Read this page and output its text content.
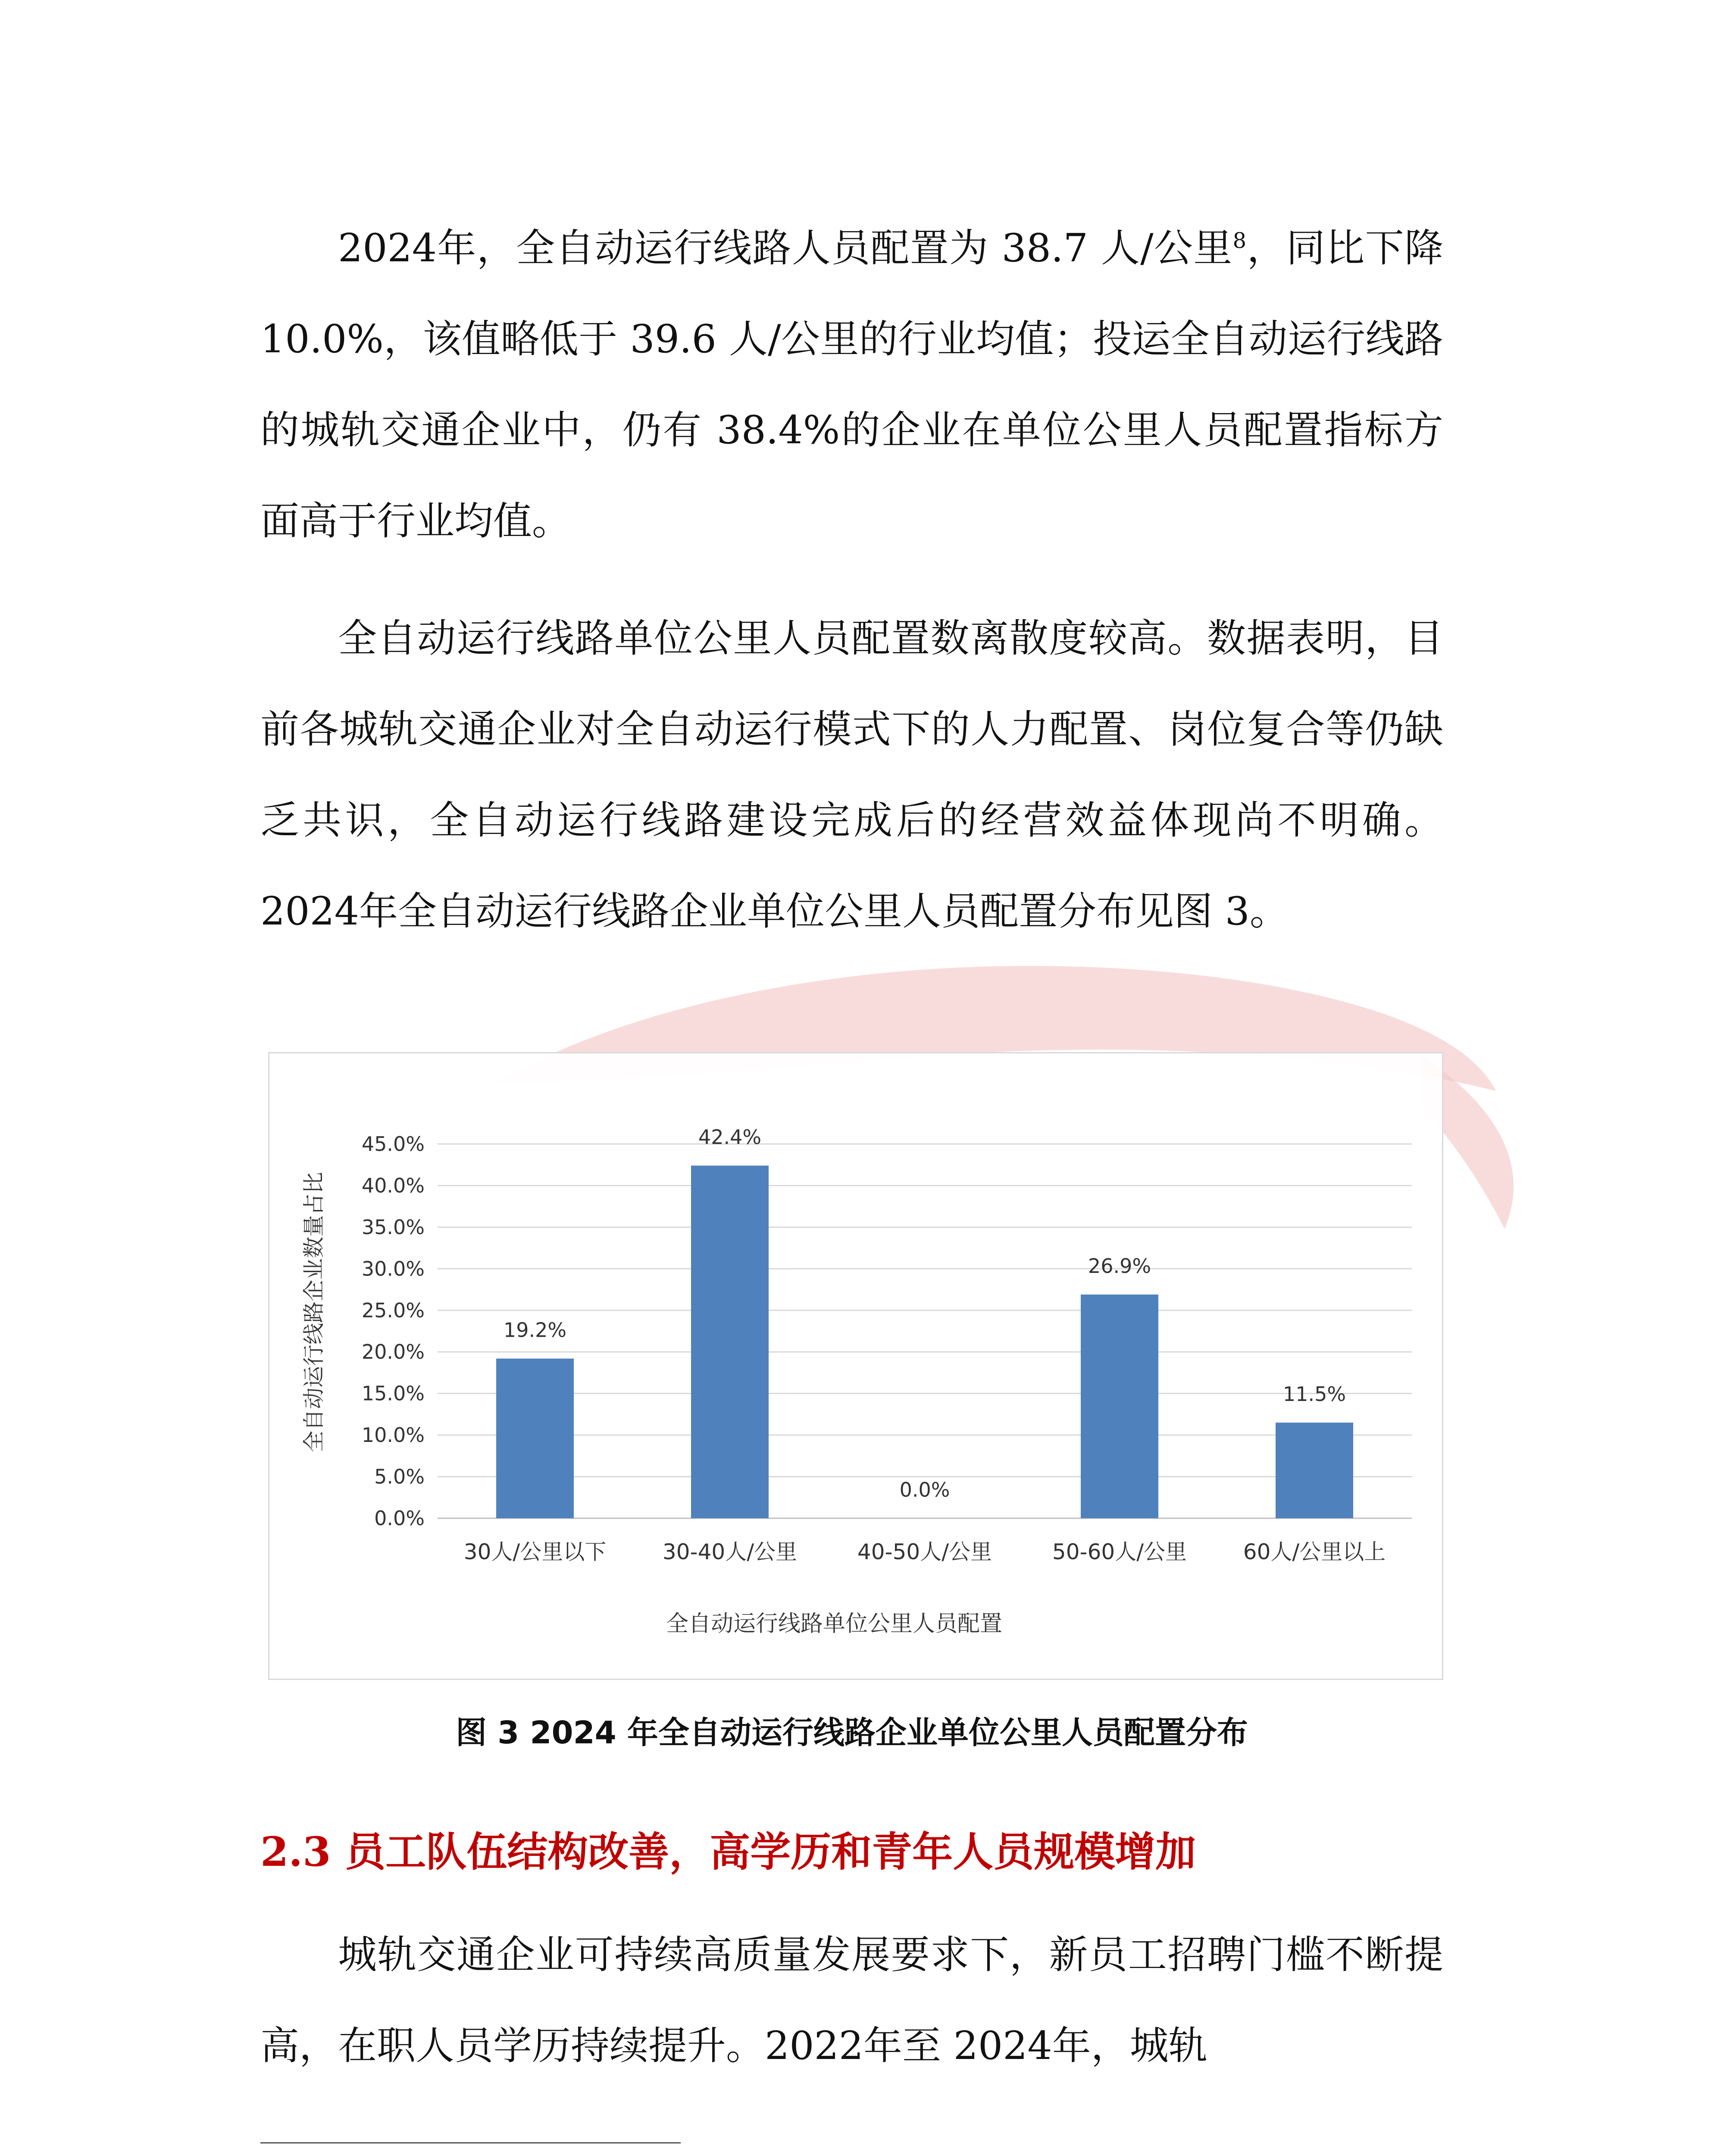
2024年，全自动运行线路人员配置为 38.7 人/公里$^8$，同比下降 10.0%，该值略低于 39.6 人/公里的行业均值；投运全自动运行线路的城轨交通企业中，仍有 38.4%的企业在单位公里人员配置指标方面高于行业均值。

全自动运行线路单位公里人员配置数离散度较高。数据表明，目前各城轨交通企业对全自动运行模式下的人力配置、岗位复合等仍缺乏共识，全自动运行线路建设完成后的经营效益体现尚不明确。2024年全自动运行线路企业单位公里人员配置分布见图 3。

0.0%
5.0%
10.0%
15.0%
20.0%
25.0%
30.0%
35.0%
40.0%
45.0%
19.2%
30人/公里以下
42.4%
30-40人/公里
0.0%
40-50人/公里
26.9%
50-60人/公里
11.5%
60人/公里以上
全自动运行线路企业数量占比
全自动运行线路单位公里人员配置
图 3 2024 年全自动运行线路企业单位公里人员配置分布
2.3 员工队伍结构改善，高学历和青年人员规模增加

城轨交通企业可持续高质量发展要求下，新员工招聘门槛不断提高，在职人员学历持续提升。2022年至 2024年，城轨
